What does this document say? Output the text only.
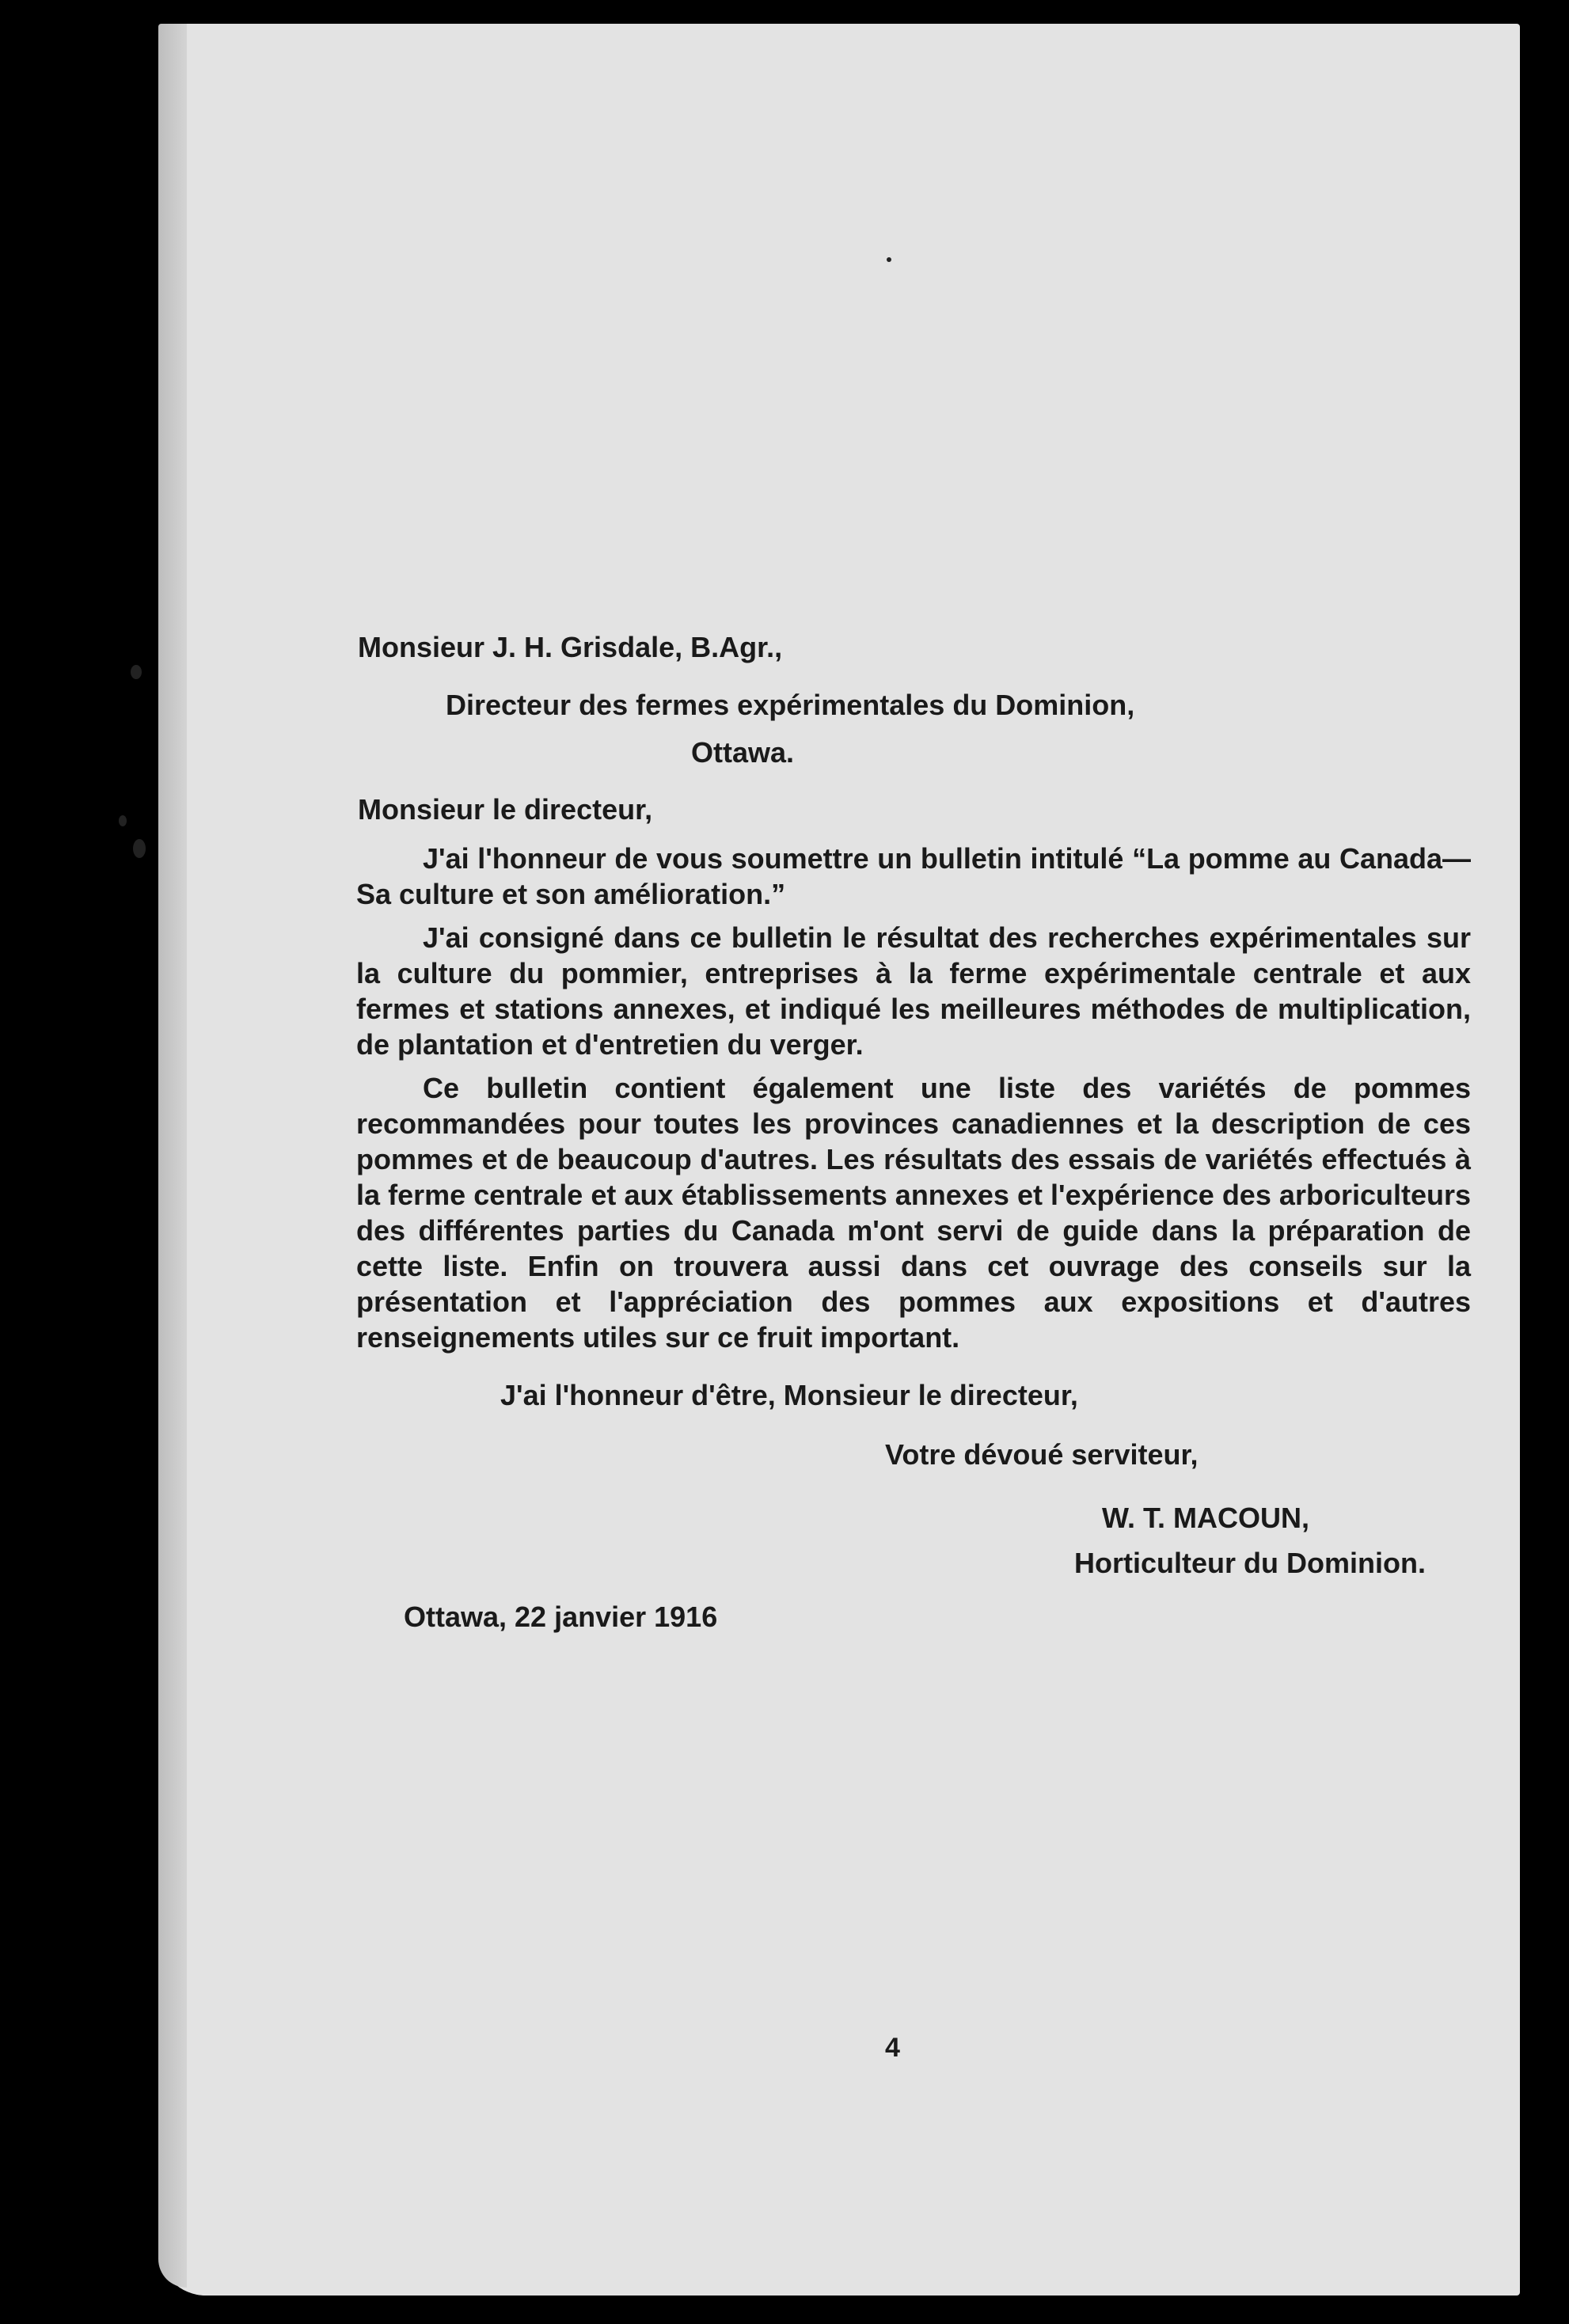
Monsieur J. H. Grisdale, B.Agr.,
Directeur des fermes expérimentales du Dominion,
Ottawa.
Monsieur le directeur,
J'ai l'honneur de vous soumettre un bulletin intitulé “La pomme au Canada—Sa culture et son amélioration.”
J'ai consigné dans ce bulletin le résultat des recherches expérimentales sur la culture du pommier, entreprises à la ferme expérimentale centrale et aux fermes et stations annexes, et indiqué les meilleures méthodes de multiplication, de plantation et d'entretien du verger.
Ce bulletin contient également une liste des variétés de pommes recommandées pour toutes les provinces canadiennes et la description de ces pommes et de beaucoup d'autres. Les résultats des essais de variétés effectués à la ferme centrale et aux établissements annexes et l'expérience des arboriculteurs des différentes parties du Canada m'ont servi de guide dans la préparation de cette liste. Enfin on trouvera aussi dans cet ouvrage des conseils sur la présentation et l'appréciation des pommes aux expositions et d'autres renseignements utiles sur ce fruit important.
J'ai l'honneur d'être, Monsieur le directeur,
Votre dévoué serviteur,
W. T. MACOUN,
Horticulteur du Dominion.
Ottawa, 22 janvier 1916
4
